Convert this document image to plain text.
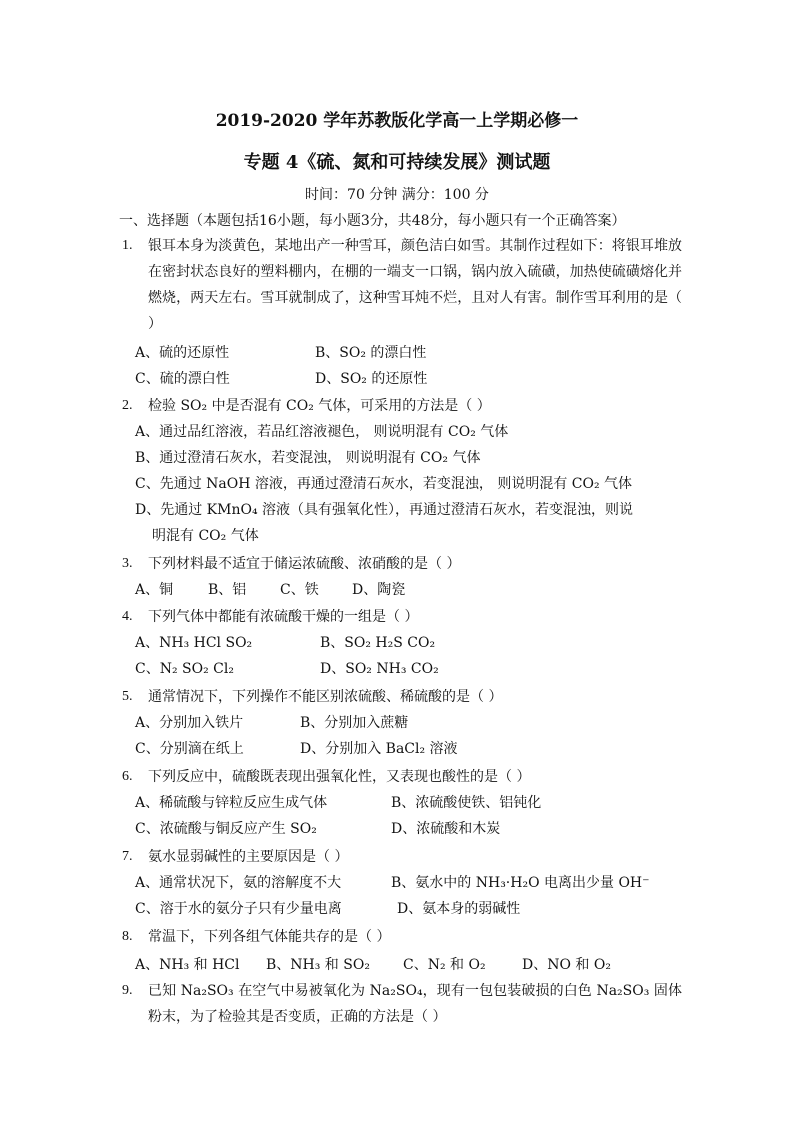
2019-2020 学年苏教版化学高一上学期必修一
专题 4《硫、氮和可持续发展》测试题
时间：70 分钟 满分：100 分
一、选择题（本题包括16小题，每小题3分，共48分，每小题只有一个正确答案）
1.	银耳本身为淡黄色，某地出产一种雪耳，颜色洁白如雪。其制作过程如下：将银耳堆放在密封状态良好的塑料棚内，在棚的一端支一口锅，锅内放入硫磺，加热使硫磺熔化并燃烧，两天左右。雪耳就制成了，这种雪耳炖不烂，且对人有害。制作雪耳利用的是（ ）
A、硫的还原性	B、SO₂ 的漂白性
C、硫的漂白性	D、SO₂ 的还原性
2.	检验 SO₂ 中是否混有 CO₂ 气体，可采用的方法是（ ）
A、通过品红溶液，若品红溶液褪色， 则说明混有 CO₂ 气体
B、通过澄清石灰水，若变混浊， 则说明混有 CO₂ 气体
C、先通过 NaOH 溶液，再通过澄清石灰水，若变混浊， 则说明混有 CO₂ 气体
D、先通过 KMnO₄ 溶液（具有强氧化性），再通过澄清石灰水，若变混浊，则说
明混有 CO₂ 气体
3.	下列材料最不适宜于储运浓硫酸、浓硝酸的是（ ）
A、铜 B、铝 C、铁 D、陶瓷
4.	下列气体中都能有浓硫酸干燥的一组是（ ）
A、NH₃ HCl SO₂	B、SO₂ H₂S CO₂
C、N₂ SO₂ Cl₂	D、SO₂ NH₃ CO₂
5.	通常情况下，下列操作不能区别浓硫酸、稀硫酸的是（ ）
A、分别加入铁片	B、分别加入蔗糖
C、分别滴在纸上	D、分别加入 BaCl₂ 溶液
6.	下列反应中，硫酸既表现出强氧化性，又表现也酸性的是（ ）
A、稀硫酸与锌粒反应生成气体	B、浓硫酸使铁、铝钝化
C、浓硫酸与铜反应产生 SO₂	D、浓硫酸和木炭
7.	氨水显弱碱性的主要原因是（ ）
A、通常状况下，氨的溶解度不大	B、氨水中的 NH₃·H₂O 电离出少量 OH⁻
C、溶于水的氨分子只有少量电离	D、氨本身的弱碱性
8.	常温下，下列各组气体能共存的是（ ）
A、NH₃ 和 HCl B、NH₃ 和 SO₂ C、N₂ 和 O₂	D、NO 和 O₂
9.	已知 Na₂SO₃ 在空气中易被氧化为 Na₂SO₄，现有一包包装破损的白色 Na₂SO₃ 固体粉末，为了检验其是否变质，正确的方法是（ ）
